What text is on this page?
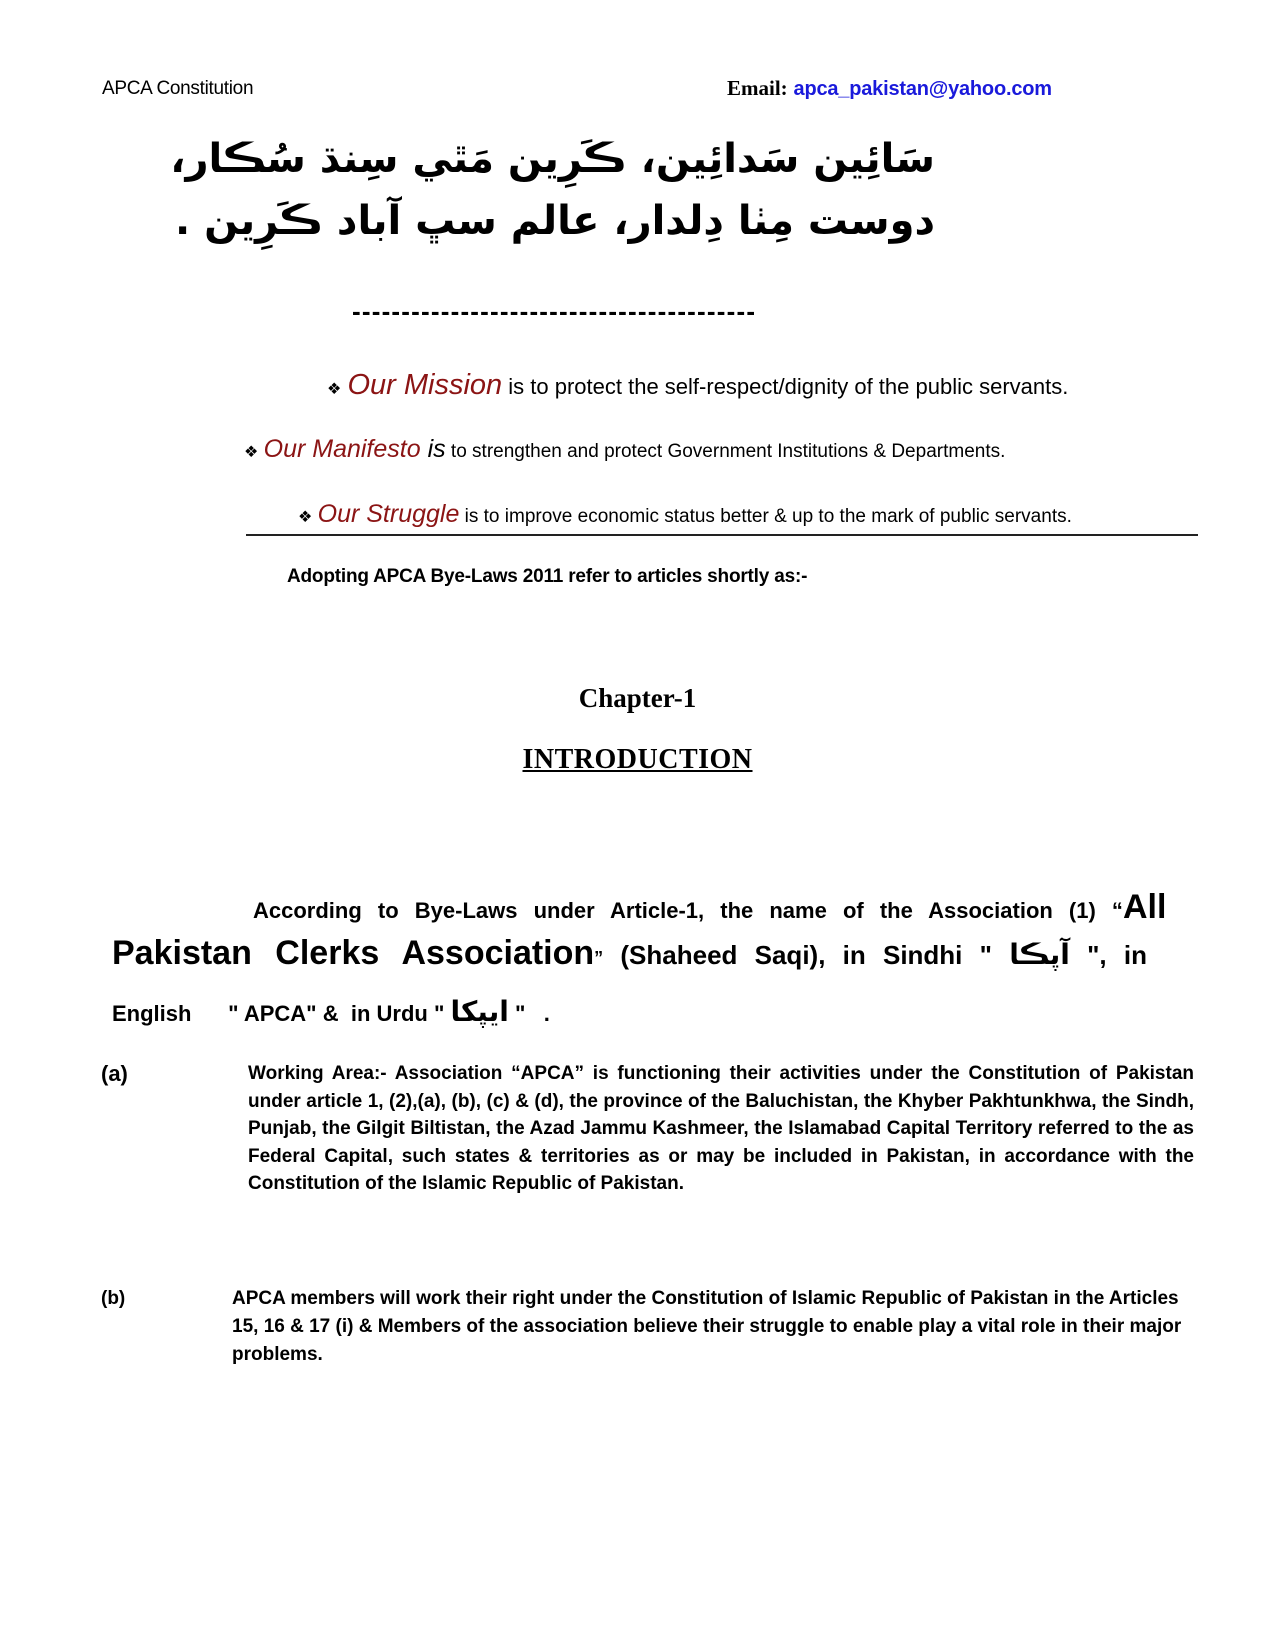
APCA Constitution	Email: apca_pakistan@yahoo.com
سَائِين سَدائِين، ڪَرِين مَٿي سِنڌ سُڪار،
دوست مِٺا دِلدار، عالم سڀ آباد ڪَرِين .
-----------------------------------------
❖ Our Mission is to protect the self-respect/dignity of the public servants.
❖ Our Manifesto is to strengthen and protect Government Institutions & Departments.
❖ Our Struggle is to improve economic status better & up to the mark of public servants.
Adopting APCA Bye-Laws 2011 refer to articles shortly as:-
Chapter-1
INTRODUCTION
According to Bye-Laws under Article-1, the name of the Association (1) “All
Pakistan Clerks Association” (Shaheed Saqi), in Sindhi " آپڪا ", in
English      " APCA" &  in Urdu " ایپکا "   .
(a)	Working Area:- Association “APCA” is functioning their activities under the Constitution of Pakistan under article 1, (2),(a), (b), (c) & (d), the province of the Baluchistan, the Khyber Pakhtunkhwa, the Sindh, Punjab, the Gilgit Biltistan, the Azad Jammu Kashmeer, the Islamabad Capital Territory referred to the as Federal Capital, such states & territories as or may be included in Pakistan, in accordance with the Constitution of the Islamic Republic of Pakistan.
(b)	APCA members will work their right under the Constitution of Islamic Republic of Pakistan in the Articles 15, 16 & 17 (i) & Members of the association believe their struggle to enable play a vital role in their major problems.
